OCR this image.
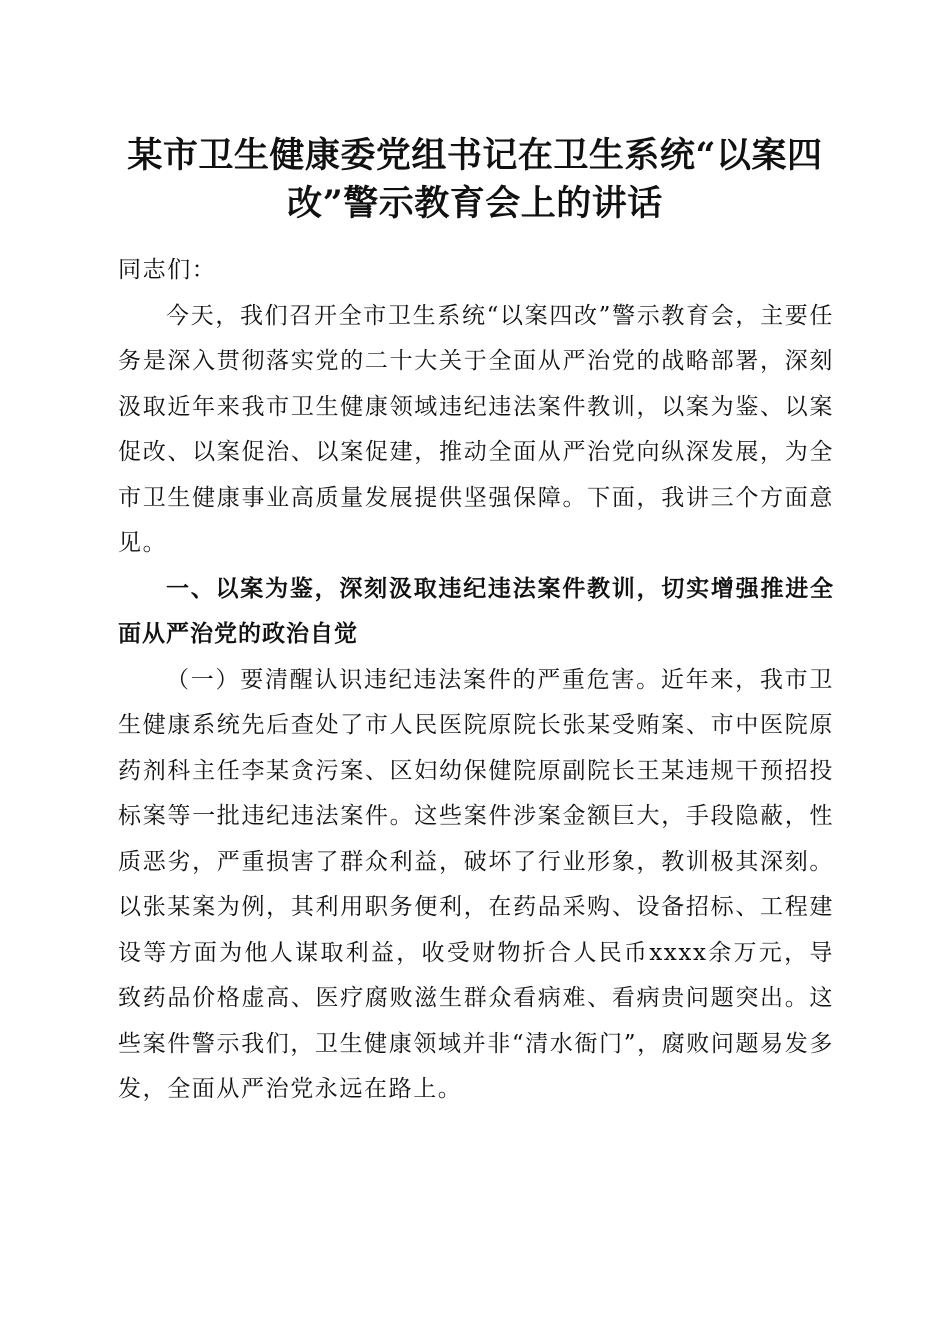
某市卫生健康委党组书记在卫生系统“以案四改”警示教育会上的讲话

同志们：

今天，我们召开全市卫生系统“以案四改”警示教育会，主要任务是深入贯彻落实党的二十大关于全面从严治党的战略部署，深刻汲取近年来我市卫生健康领域违纪违法案件教训，以案为鉴、以案促改、以案促治、以案促建，推动全面从严治党向纵深发展，为全市卫生健康事业高质量发展提供坚强保障。下面，我讲三个方面意见。

一、以案为鉴，深刻汲取违纪违法案件教训，切实增强推进全面从严治党的政治自觉

（一）要清醒认识违纪违法案件的严重危害。近年来，我市卫生健康系统先后查处了市人民医院原院长张某受贿案、市中医院原药剂科主任李某贪污案、区妇幼保健院原副院长王某违规干预招投标案等一批违纪违法案件。这些案件涉案金额巨大，手段隐蔽，性质恶劣，严重损害了群众利益，破坏了行业形象，教训极其深刻。以张某案为例，其利用职务便利，在药品采购、设备招标、工程建设等方面为他人谋取利益，收受财物折合人民币xxxx余万元，导致药品价格虚高、医疗腐败滋生群众看病难、看病贵问题突出。这些案件警示我们，卫生健康领域并非“清水衙门”，腐败问题易发多发，全面从严治党永远在路上。
